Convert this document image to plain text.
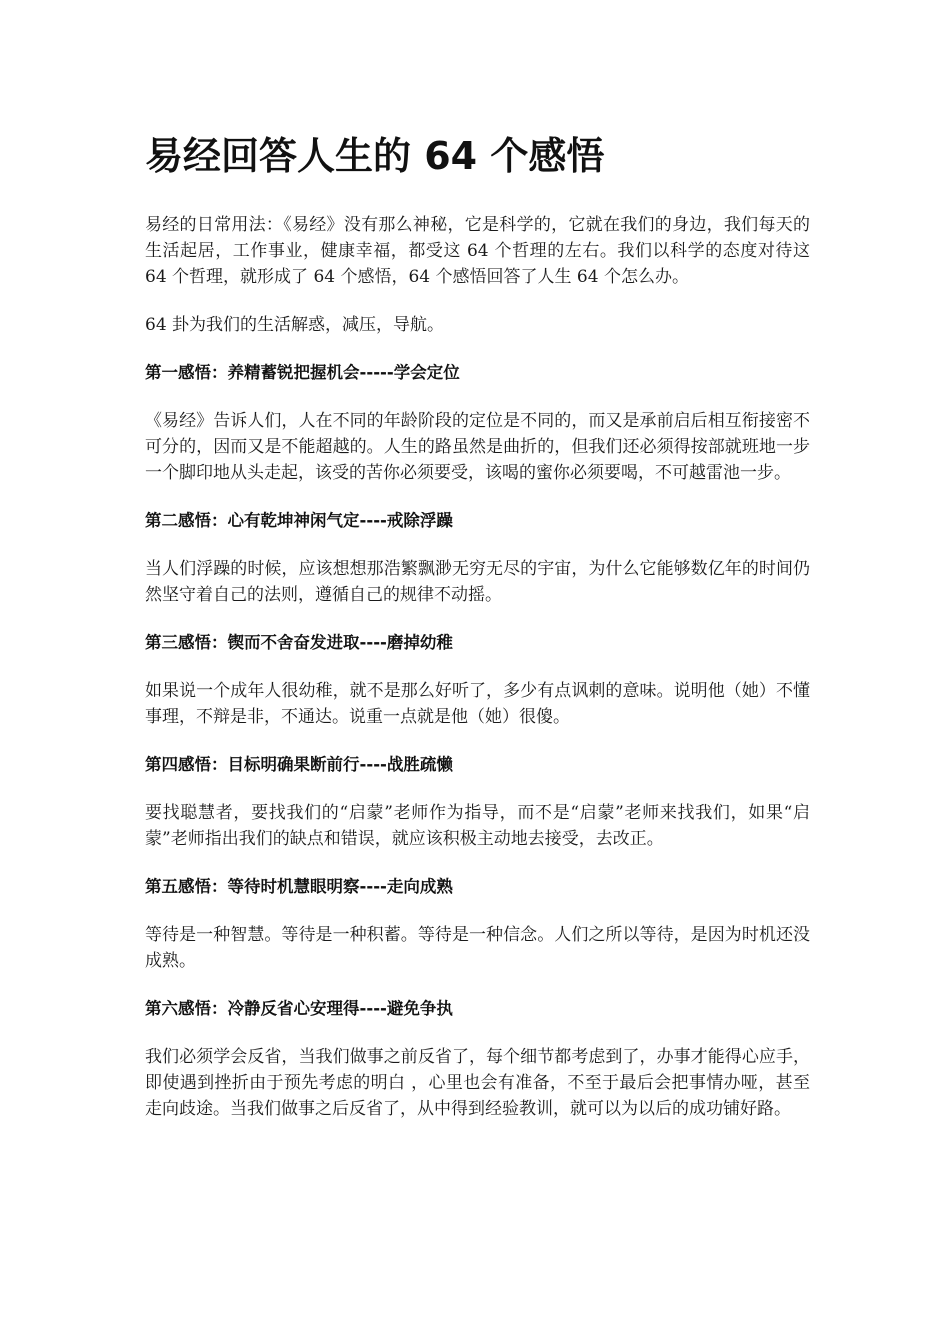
易经回答人生的 64 个感悟

易经的日常用法：《易经》没有那么神秘，它是科学的，它就在我们的身边，我们每天的生活起居，工作事业，健康幸福，都受这 64 个哲理的左右。我们以科学的态度对待这 64 个哲理，就形成了 64 个感悟，64 个感悟回答了人生 64 个怎么办。

64 卦为我们的生活解惑，减压，导航。

第一感悟：养精蓄锐把握机会-----学会定位

《易经》告诉人们，人在不同的年龄阶段的定位是不同的，而又是承前启后相互衔接密不可分的，因而又是不能超越的。人生的路虽然是曲折的，但我们还必须得按部就班地一步一个脚印地从头走起，该受的苦你必须要受，该喝的蜜你必须要喝，不可越雷池一步。

第二感悟：心有乾坤神闲气定----戒除浮躁

当人们浮躁的时候，应该想想那浩繁飘渺无穷无尽的宇宙，为什么它能够数亿年的时间仍然坚守着自己的法则，遵循自己的规律不动摇。

第三感悟：锲而不舍奋发进取----磨掉幼稚

如果说一个成年人很幼稚，就不是那么好听了，多少有点讽刺的意味。说明他（她）不懂事理，不辩是非，不通达。说重一点就是他（她）很傻。

第四感悟：目标明确果断前行----战胜疏懒

要找聪慧者，要找我们的“启蒙”老师作为指导，而不是“启蒙”老师来找我们，如果“启蒙”老师指出我们的缺点和错误，就应该积极主动地去接受，去改正。

第五感悟：等待时机慧眼明察----走向成熟

等待是一种智慧。等待是一种积蓄。等待是一种信念。人们之所以等待，是因为时机还没成熟。

第六感悟：冷静反省心安理得----避免争执

我们必须学会反省，当我们做事之前反省了，每个细节都考虑到了，办事才能得心应手，即使遇到挫折由于预先考虑的明白 ，心里也会有准备，不至于最后会把事情办哑，甚至走向歧途。当我们做事之后反省了，从中得到经验教训，就可以为以后的成功铺好路。
